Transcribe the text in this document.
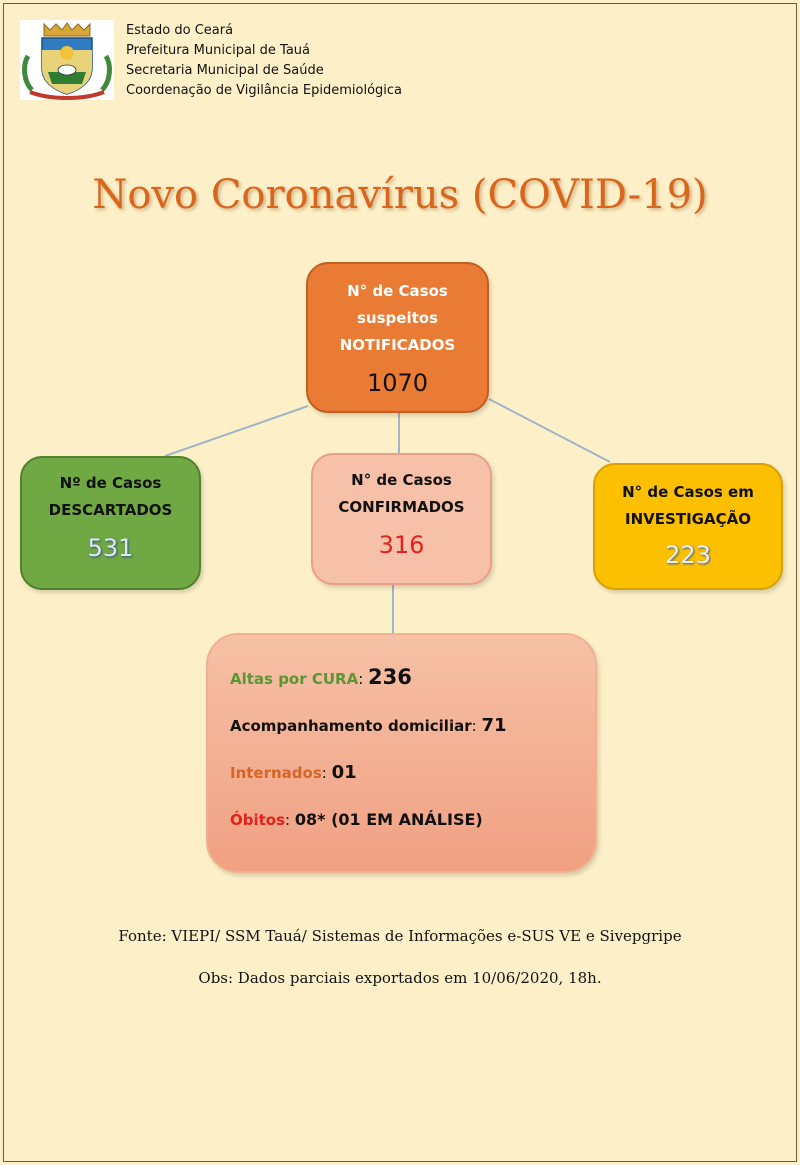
Estado do Ceará
Prefeitura Municipal de Tauá
Secretaria Municipal de Saúde
Coordenação de Vigilância Epidemiológica
Novo Coronavírus (COVID-19)
N° de Casos
suspeitos
NOTIFICADOS
1070
Nº de Casos
DESCARTADOS
531
N° de Casos
CONFIRMADOS
316
N° de Casos em
INVESTIGAÇÃO
223
Altas por CURA: 236
Acompanhamento domiciliar: 71
Internados: 01
Óbitos: 08* (01 EM ANÁLISE)
Fonte: VIEPI/ SSM Tauá/ Sistemas de Informações e-SUS VE e Sivepgripe
Obs: Dados parciais exportados em 10/06/2020, 18h.
